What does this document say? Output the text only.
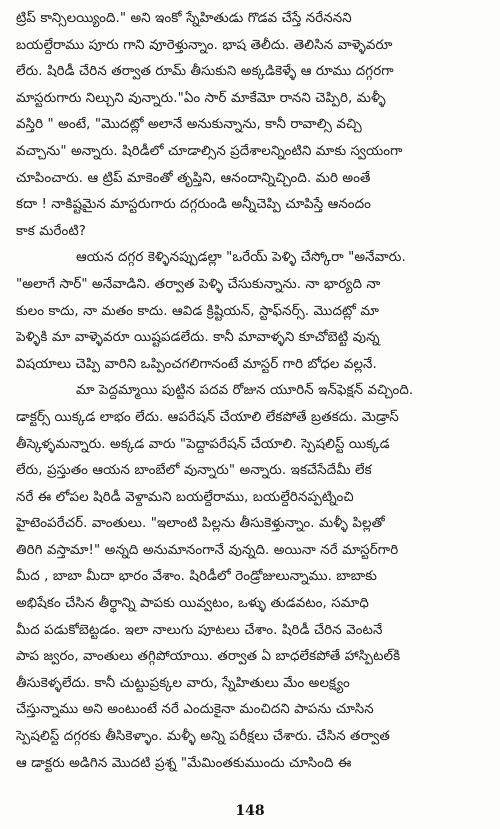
ట్రిప్ కాన్సిలయ్యింది." అని ఇంకో స్నేహితుడు గొడవ చేస్తే నరేననని
బయల్దేరాము పూరు గాని వూరెళ్తున్నాం. భాష తెలీదు. తెలిసిన వాళ్ళెవరూ
లేరు. షిరిడీ చేరిన తర్వాత రూమ్ తీసుకుని అక్కడికెళ్ళే ఆ రూము దగ్గరగా
మాస్టరుగారు నిల్చుని వున్నారు."ఏం సార్ మాకేమో రానని చెప్పిరి, మళ్ళీ
వస్తిరి " అంటే, "మొదట్లో అలానే అనుకున్నాను, కానీ రావాల్సి వచ్చి
వచ్చాను" అన్నారు. షిరిడీలో చూడాల్సిన ప్రదేశాలన్నింటిని మాకు స్వయంగా
చూపించారు. ఆ ట్రిప్ మాకెంతో తృప్తిని, ఆనందాన్నిచ్చింది. మరి అంతే
కదా ! నాకిష్టమైన మాస్టరుగారు దగ్గరుండి అన్నీచెప్పి చూపిస్తే ఆనందం
కాక మరేంటి?
ఆయన దగ్గర కెళ్ళినప్పుడల్లా "ఒరేయ్ పెళ్ళి చేస్కోరా "అనేవారు.
"అలాగే సార్" అనేవాడిని. తర్వాత పెళ్ళి చేసుకున్నాను. నా భార్యది నా
కులం కాదు, నా మతం కాదు. ఆవిడ క్రిష్టియన్, స్టాఫ్‌నర్స్. మొదట్లో మా
పెళ్ళికి మా వాళ్ళెవరూ యిష్టపడలేదు. కానీ మావాళ్ళని కూచోబెట్టి వున్న
విషయాలు చెప్పి వారిని ఒప్పించగలిగానంటే మాస్టర్ గారి బోధల వల్లనే.
మా పెద్దమ్మాయి పుట్టిన పదవ రోజున యూరిన్ ఇన్‌ఫెక్షన్ వచ్చింది.
డాక్టర్స్ యిక్కడ లాభం లేదు. ఆపరేషన్ చేయాలి లేకపోతే బ్రతకదు. మెడ్రాస్
తీస్కెళ్ళమన్నారు. అక్కడ వారు "పెద్దాపరేషన్ చేయాలి. స్పెషలిస్ట్ యిక్కడ
లేరు, ప్రస్తుతం ఆయన బాంబేలో వున్నారు" అన్నారు. ఇకచేసేదేమీ లేక
నరే ఈ లోపల షిరిడీ వెళ్దామని బయల్దేరాము, బయల్దేరినప్పట్నించి
హైటెంపరేచర్. వాంతులు. "ఇలాంటి పిల్లను తీసుకెళ్తున్నాం. మళ్ళీ పిల్లతో
తిరిగి వస్తామా!" అన్నది అనుమానంగానే వున్నది. అయినా నరే మాస్టర్‌గారి
మీద , బాబా మీదా భారం వేశాం. షిరిడీలో రెండ్రోజులున్నాము. బాబాకు
అభిషేకం చేసిన తీర్థాన్ని పాపకు యివ్వటం, ఒళ్ళు తుడవటం, సమాధి
మీద పడుకోబెట్టడం. ఇలా నాలుగు పూటలు చేశాం. షిరిడీ చేరిన వెంటనే
పాప జ్వరం, వాంతులు తగ్గిపోయాయి. తర్వాత ఏ బాధలేకపోతే హాస్పిటల్‌కి
తీసుకెళ్ళలేదు. కానీ చుట్టుప్రక్కల వారు, స్నేహితులు మేం అలక్ష్యం
చేస్తున్నాము అని అంటుంటే నరే ఎందుకైనా మంచిదని పాపను చూసిన
స్పెషలిస్ట్ దగ్గరకు తీసికెళ్ళాం. మళ్ళీ అన్ని పరీక్షలు చేశారు. చేసిన తర్వాత
ఆ డాక్టరు అడిగిన మొదటి ప్రశ్న "మేమింతకుముందు చూసింది ఈ
148
